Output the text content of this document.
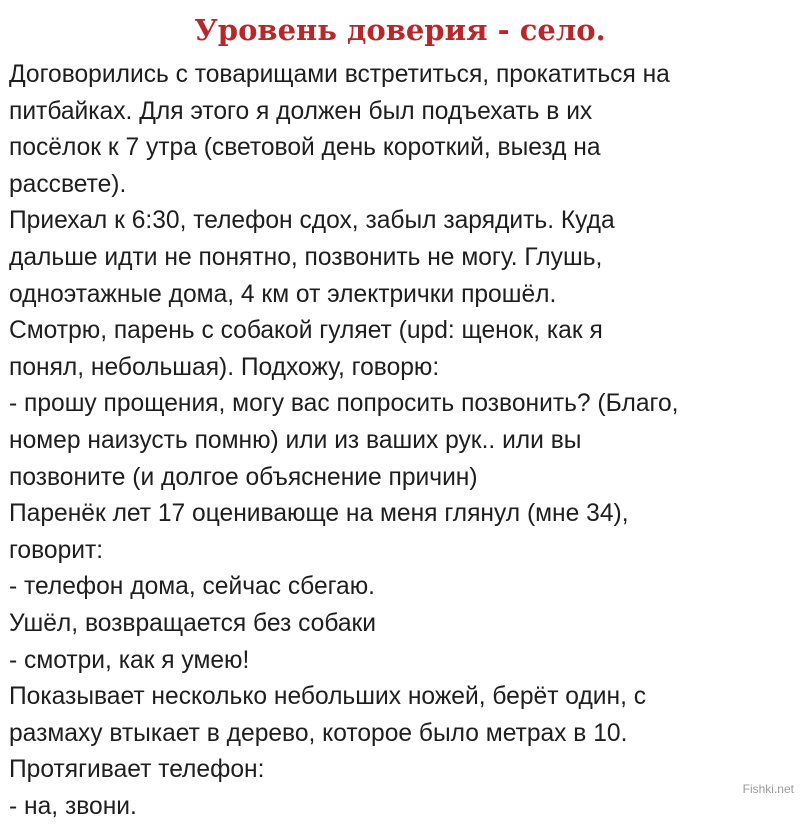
Уровень доверия - село.
Договорились с товарищами встретиться, прокатиться на
питбайках. Для этого я должен был подъехать в их
посёлок к 7 утра (световой день короткий, выезд на
рассвете).
Приехал к 6:30, телефон сдох, забыл зарядить. Куда
дальше идти не понятно, позвонить не могу. Глушь,
одноэтажные дома, 4 км от электрички прошёл.
Смотрю, парень с собакой гуляет (upd: щенок, как я
понял, небольшая). Подхожу, говорю:
- прошу прощения, могу вас попросить позвонить? (Благо,
номер наизусть помню) или из ваших рук.. или вы
позвоните (и долгое объяснение причин)
Паренёк лет 17 оценивающе на меня глянул (мне 34),
говорит:
- телефон дома, сейчас сбегаю.
Ушёл, возвращается без собаки
- смотри, как я умею!
Показывает несколько небольших ножей, берёт один, с
размаху втыкает в дерево, которое было метрах в 10.
Протягивает телефон:
- на, звони.
Fishki.net
